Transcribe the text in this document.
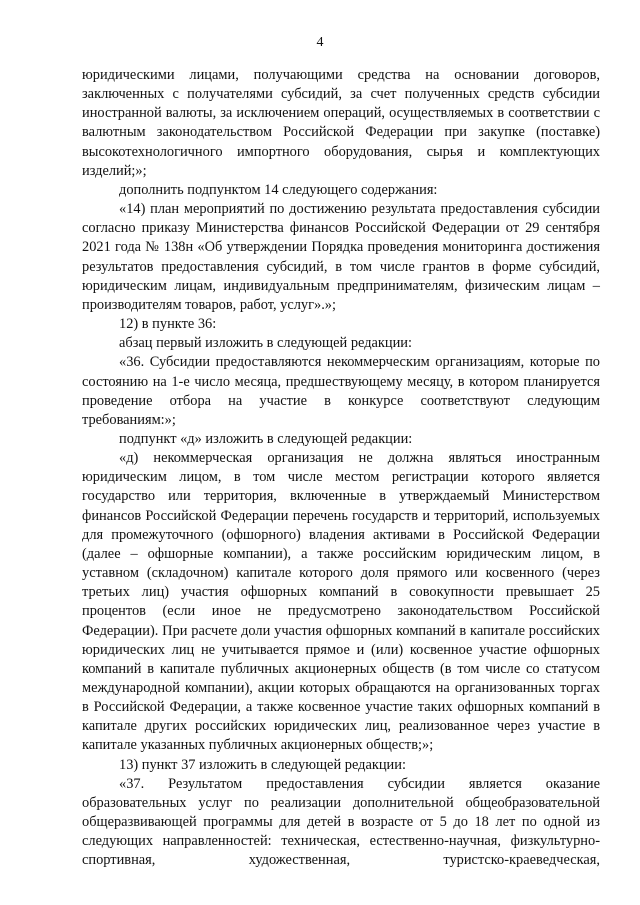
4

юридическими лицами, получающими средства на основании договоров, заключенных с получателями субсидий, за счет полученных средств субсидии иностранной валюты, за исключением операций, осуществляемых в соответствии с валютным законодательством Российской Федерации при закупке (поставке) высокотехнологичного импортного оборудования, сырья и комплектующих изделий;»;

дополнить подпунктом 14 следующего содержания:

«14) план мероприятий по достижению результата предоставления субсидии согласно приказу Министерства финансов Российской Федерации от 29 сентября 2021 года № 138н «Об утверждении Порядка проведения мониторинга достижения результатов предоставления субсидий, в том числе грантов в форме субсидий, юридическим лицам, индивидуальным предпринимателям, физическим лицам – производителям товаров, работ, услуг».»;

12) в пункте 36:

абзац первый изложить в следующей редакции:

«36. Субсидии предоставляются некоммерческим организациям, которые по состоянию на 1-е число месяца, предшествующему месяцу, в котором планируется проведение отбора на участие в конкурсе соответствуют следующим требованиям:»;

подпункт «д» изложить в следующей редакции:

«д) некоммерческая организация не должна являться иностранным юридическим лицом, в том числе местом регистрации которого является государство или территория, включенные в утверждаемый Министерством финансов Российской Федерации перечень государств и территорий, используемых для промежуточного (офшорного) владения активами в Российской Федерации (далее – офшорные компании), а также российским юридическим лицом, в уставном (складочном) капитале которого доля прямого или косвенного (через третьих лиц) участия офшорных компаний в совокупности превышает 25 процентов (если иное не предусмотрено законодательством Российской Федерации). При расчете доли участия офшорных компаний в капитале российских юридических лиц не учитывается прямое и (или) косвенное участие офшорных компаний в капитале публичных акционерных обществ (в том числе со статусом международной компании), акции которых обращаются на организованных торгах в Российской Федерации, а также косвенное участие таких офшорных компаний в капитале других российских юридических лиц, реализованное через участие в капитале указанных публичных акционерных обществ;»;

13) пункт 37 изложить в следующей редакции:

«37. Результатом предоставления субсидии является оказание образовательных услуг по реализации дополнительной общеобразовательной общеразвивающей программы для детей в возрасте от 5 до 18 лет по одной из следующих направленностей: техническая, естественно-научная, физкультурно-спортивная, художественная, туристско-краеведческая,
